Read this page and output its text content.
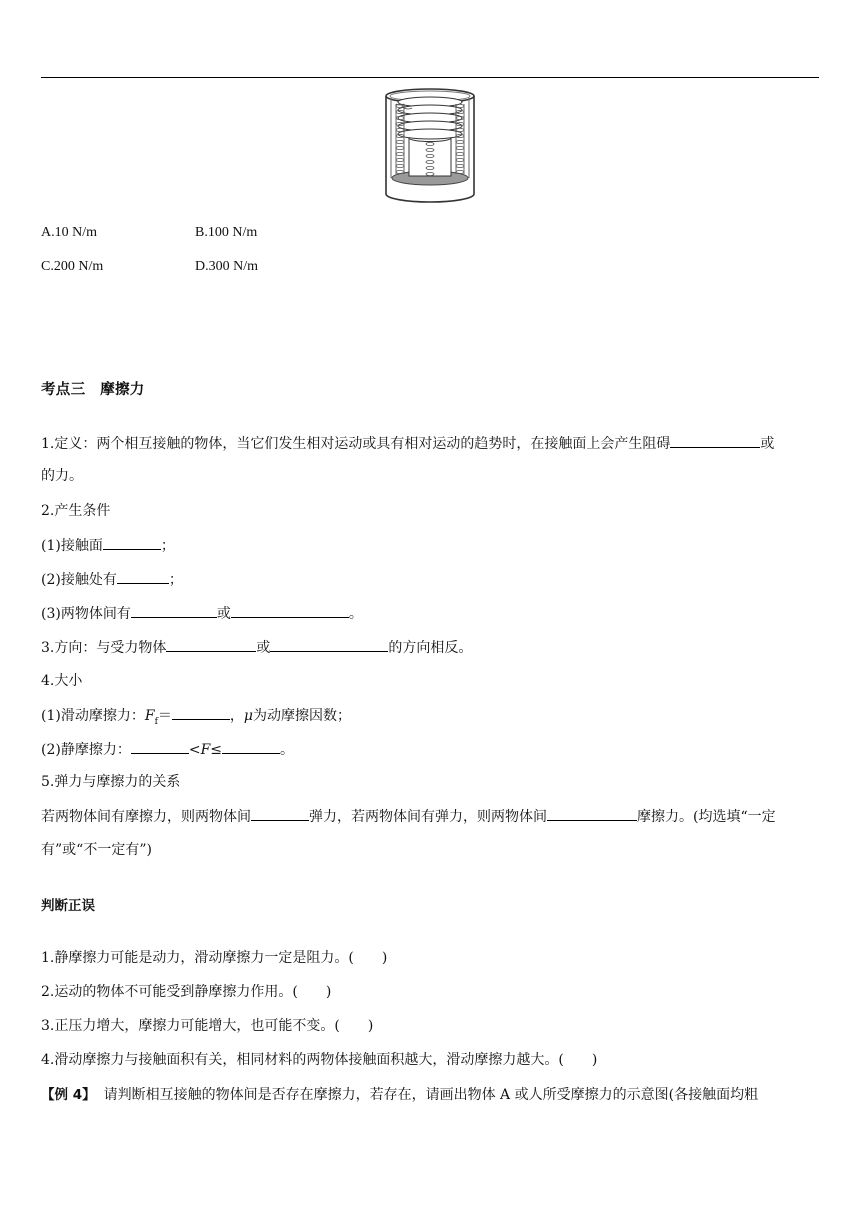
A.10 N/m	B.100 N/m
C.200 N/m	D.300 N/m
考点三　摩擦力
1.定义：两个相互接触的物体，当它们发生相对运动或具有相对运动的趋势时，在接触面上会产生阻碍	或
的力。
2.产生条件
(1)接触面	；
(2)接触处有	；
(3)两物体间有	或	。
3.方向：与受力物体	或	的方向相反。
4.大小
(1)滑动摩擦力：$F_f=$	，μ为动摩擦因数；
(2)静摩擦力：	<F≤	。
5.弹力与摩擦力的关系
若两物体间有摩擦力，则两物体间	弹力，若两物体间有弹力，则两物体间	摩擦力。(均选填“一定
有”或“不一定有”)
判断正误
1.静摩擦力可能是动力，滑动摩擦力一定是阻力。(　　)
2.运动的物体不可能受到静摩擦力作用。(　　)
3.正压力增大，摩擦力可能增大，也可能不变。(　　)
4.滑动摩擦力与接触面积有关，相同材料的两物体接触面积越大，滑动摩擦力越大。(　　)
【例 4】 请判断相互接触的物体间是否存在摩擦力，若存在，请画出物体 A 或人所受摩擦力的示意图(各接触面均粗
